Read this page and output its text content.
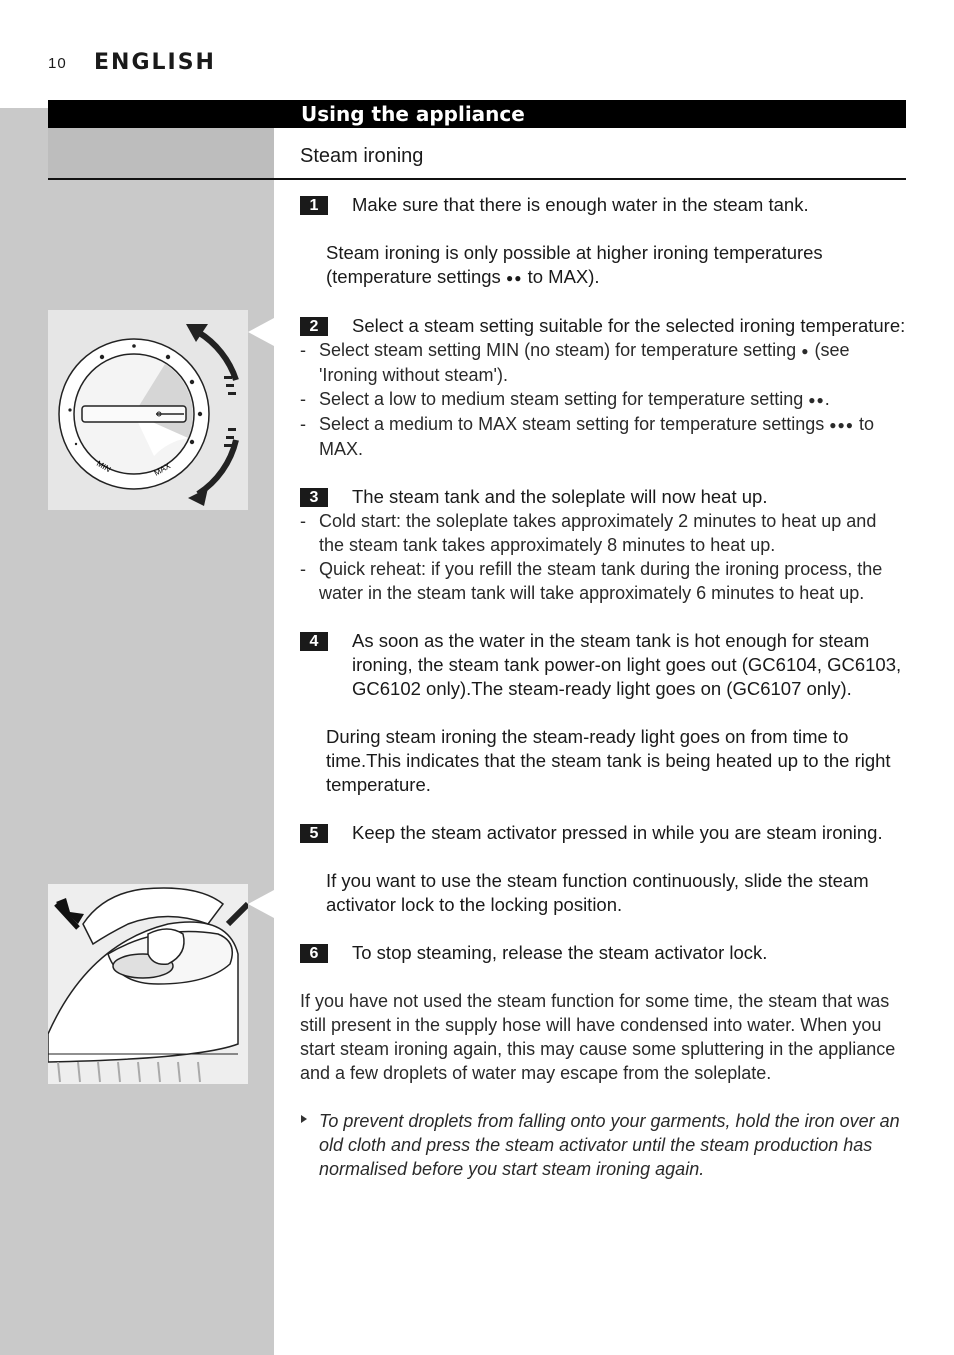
10 ENGLISH
Using the appliance
Steam ironing
MIN	MAX
1	Make sure that there is enough water in the steam tank.
Steam ironing is only possible at higher ironing temperatures (temperature settings ●● to MAX).
2	Select a steam setting suitable for the selected ironing temperature:
- Select steam setting MIN (no steam) for temperature setting ● (see 'Ironing without steam').
- Select a low to medium steam setting for temperature setting ●●.
- Select a medium to MAX steam setting for temperature settings ●●● to MAX.
3	The steam tank and the soleplate will now heat up.
- Cold start: the soleplate takes approximately 2 minutes to heat up and the steam tank takes approximately 8 minutes to heat up.
- Quick reheat: if you refill the steam tank during the ironing process, the water in the steam tank will take approximately 6 minutes to heat up.
4	As soon as the water in the steam tank is hot enough for steam ironing, the steam tank power-on light goes out (GC6104, GC6103, GC6102 only).The steam-ready light goes on (GC6107 only).
During steam ironing the steam-ready light goes on from time to time.This indicates that the steam tank is being heated up to the right temperature.
5	Keep the steam activator pressed in while you are steam ironing.
If you want to use the steam function continuously, slide the steam activator lock to the locking position.
6	To stop steaming, release the steam activator lock.
If you have not used the steam function for some time, the steam that was still present in the supply hose will have condensed into water. When you start steam ironing again, this may cause some spluttering in the appliance and a few droplets of water may escape from the soleplate.
To prevent droplets from falling onto your garments, hold the iron over an old cloth and press the steam activator until the steam production has normalised before you start steam ironing again.
